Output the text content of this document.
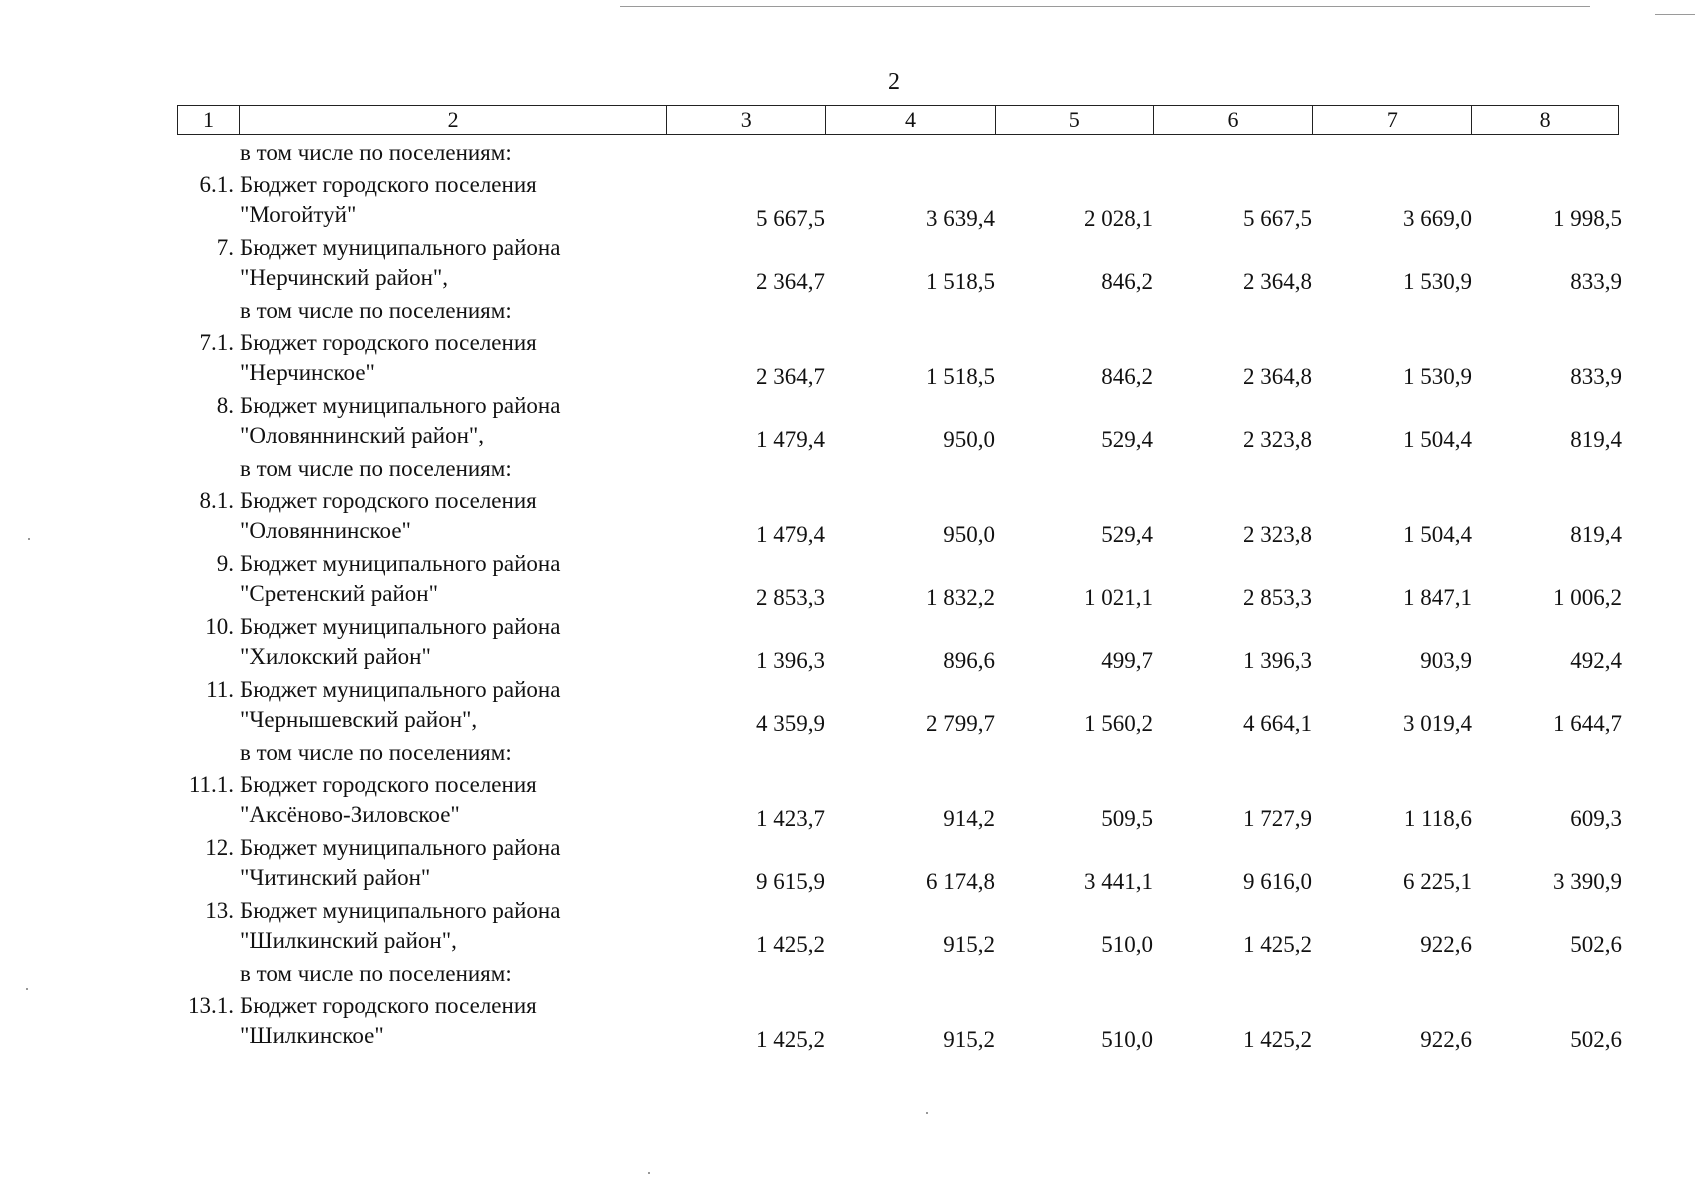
2
1	2	3	4	5	6	7	8
в том числе по поселениям:
6.1. Бюджет городского поселения
"Могойтуй"	5 667,5	3 639,4	2 028,1	5 667,5	3 669,0	1 998,5
7. Бюджет муниципального района
"Нерчинский район",	2 364,7	1 518,5	846,2	2 364,8	1 530,9	833,9
в том числе по поселениям:
7.1. Бюджет городского поселения
"Нерчинское"	2 364,7	1 518,5	846,2	2 364,8	1 530,9	833,9
8. Бюджет муниципального района
"Оловяннинский район",	1 479,4	950,0	529,4	2 323,8	1 504,4	819,4
в том числе по поселениям:
8.1. Бюджет городского поселения
"Оловяннинское"	1 479,4	950,0	529,4	2 323,8	1 504,4	819,4
9. Бюджет муниципального района
"Сретенский район"	2 853,3	1 832,2	1 021,1	2 853,3	1 847,1	1 006,2
10. Бюджет муниципального района
"Хилокский район"	1 396,3	896,6	499,7	1 396,3	903,9	492,4
11. Бюджет муниципального района
"Чернышевский район",	4 359,9	2 799,7	1 560,2	4 664,1	3 019,4	1 644,7
в том числе по поселениям:
11.1. Бюджет городского поселения
"Аксёново-Зиловское"	1 423,7	914,2	509,5	1 727,9	1 118,6	609,3
12. Бюджет муниципального района
"Читинский район"	9 615,9	6 174,8	3 441,1	9 616,0	6 225,1	3 390,9
13. Бюджет муниципального района
"Шилкинский район",	1 425,2	915,2	510,0	1 425,2	922,6	502,6
в том числе по поселениям:
13.1. Бюджет городского поселения
"Шилкинское"	1 425,2	915,2	510,0	1 425,2	922,6	502,6
